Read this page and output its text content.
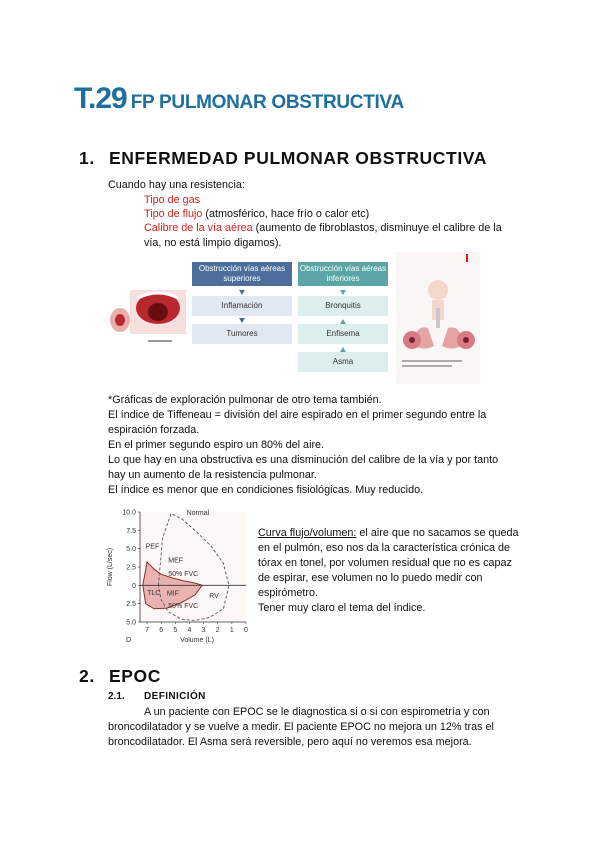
T.29 FP PULMONAR OBSTRUCTIVA
1. ENFERMEDAD PULMONAR OBSTRUCTIVA
Cuando hay una resistencia:
Tipo de gas
Tipo de flujo (atmosférico, hace frío o calor etc)
Calibre de la vía aérea (aumento de fibroblastos, disminuye el calibre de la
vía, no está limpio digamos).
Obstrucción vías aéreas superiores
Inflamación
Tumores
Obstrucción vías aéreas inferiores
Bronquitis
Enfisema
Asma
*Gráficas de exploración pulmonar de otro tema también.
El índice de Tiffeneau = división del aire espirado en el primer segundo entre la
espiración forzada.
En el primer segundo espiro un 80% del aire.
Lo que hay en una obstructiva es una disminución del calibre de la vía y por tanto
hay un aumento de la resistencia pulmonar.
El índice es menor que en condiciones fisiológicas. Muy reducido.
10.0
7.5
5.0
2.5
0
2.5
5.0
7 6 5 4 3 2 1 0
Flow (L/sec)
Volume (L)
D
Normal
PEF
MEF
50% FVC
TLC MIF
50% FVC
RV
Curva flujo/volumen: el aire que no sacamos se queda
en el pulmón, eso nos da la característica crónica de
tórax en tonel, por volumen residual que no es capaz
de espirar, ese volumen no lo puedo medir con
espirómetro.
Tener muy claro el tema del índice.
2. EPOC
2.1. DEFINICIÓN
A un paciente con EPOC se le diagnostica si o si con espirometría y con
broncodilatador y se vuelve a medir. El paciente EPOC no mejora un 12% tras el
broncodilatador. El Asma será reversible, pero aquí no veremos esa mejora.
